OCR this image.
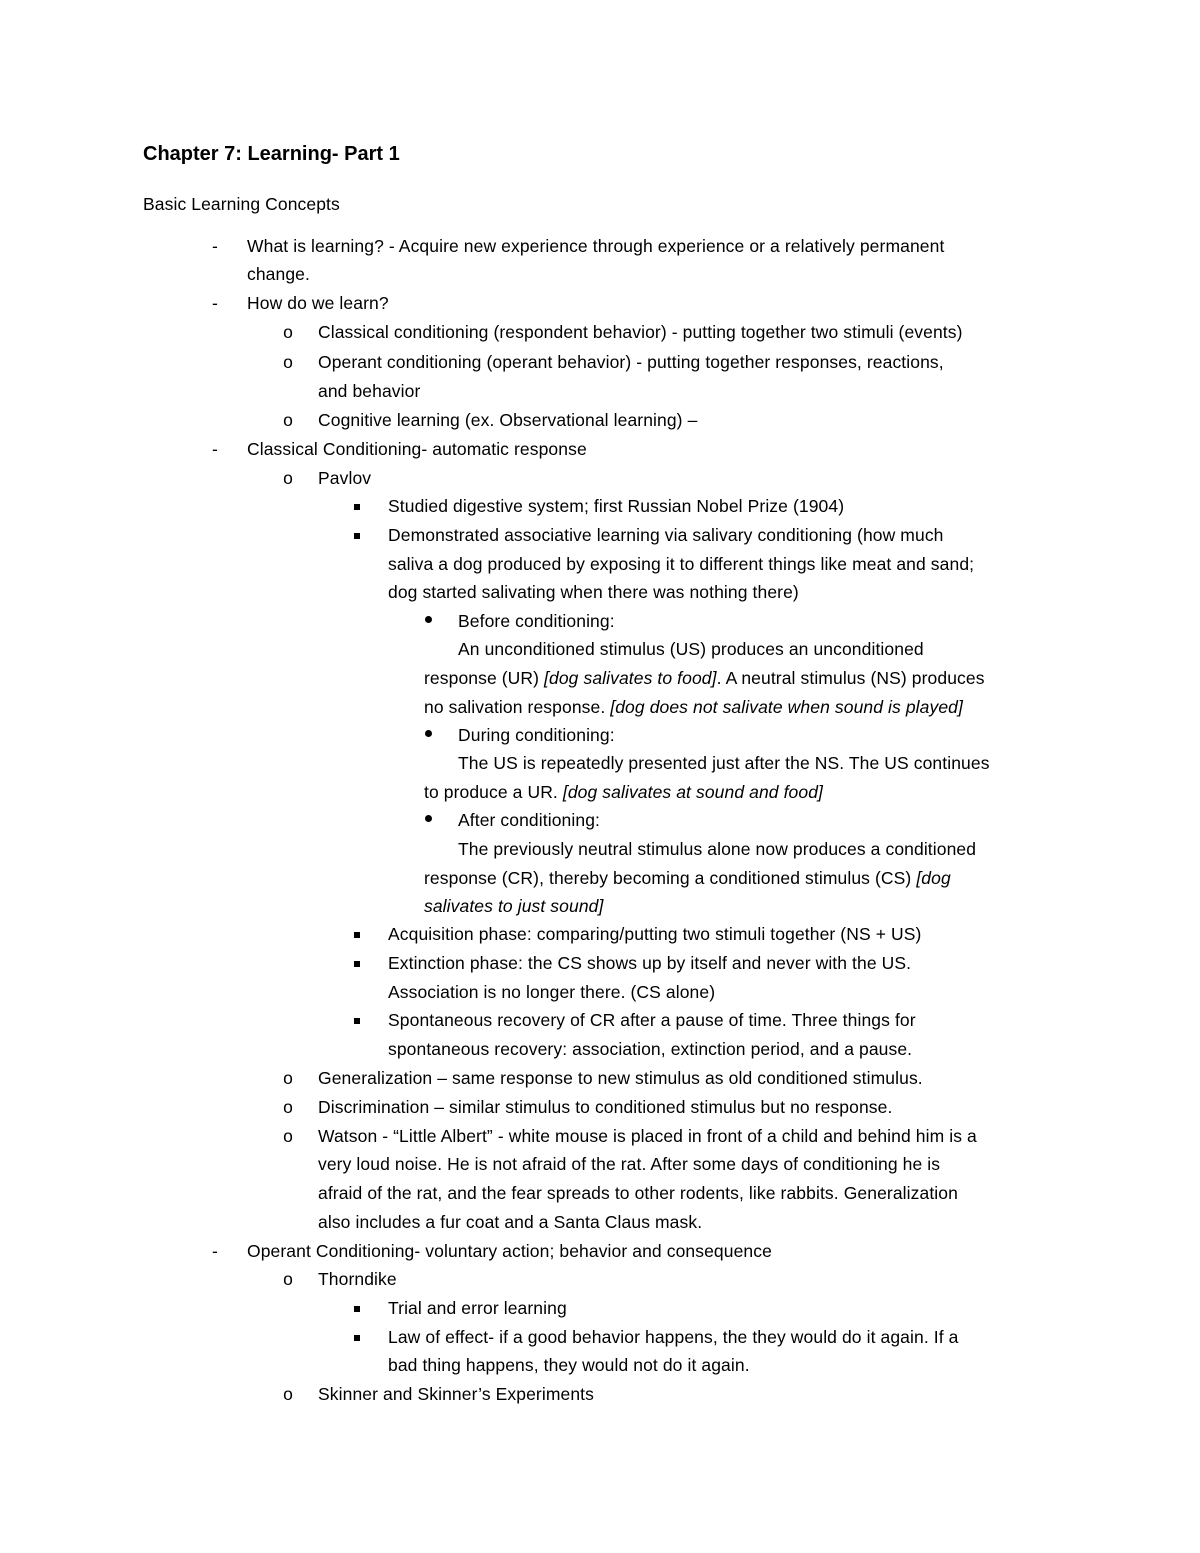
Chapter 7: Learning- Part 1
Basic Learning Concepts
- What is learning? - Acquire new experience through experience or a relatively permanent
change.
- How do we learn?
o Classical conditioning (respondent behavior) - putting together two stimuli (events)
o Operant conditioning (operant behavior) - putting together responses, reactions,
and behavior
o Cognitive learning (ex. Observational learning) –
- Classical Conditioning- automatic response
o Pavlov
Studied digestive system; first Russian Nobel Prize (1904)
Demonstrated associative learning via salivary conditioning (how much
saliva a dog produced by exposing it to different things like meat and sand;
dog started salivating when there was nothing there)
Before conditioning:
An unconditioned stimulus (US) produces an unconditioned
response (UR) [dog salivates to food]. A neutral stimulus (NS) produces
no salivation response. [dog does not salivate when sound is played]
During conditioning:
The US is repeatedly presented just after the NS. The US continues
to produce a UR. [dog salivates at sound and food]
After conditioning:
The previously neutral stimulus alone now produces a conditioned
response (CR), thereby becoming a conditioned stimulus (CS) [dog
salivates to just sound]
Acquisition phase: comparing/putting two stimuli together (NS + US)
Extinction phase: the CS shows up by itself and never with the US.
Association is no longer there. (CS alone)
Spontaneous recovery of CR after a pause of time. Three things for
spontaneous recovery: association, extinction period, and a pause.
o Generalization – same response to new stimulus as old conditioned stimulus.
o Discrimination – similar stimulus to conditioned stimulus but no response.
o Watson - “Little Albert” - white mouse is placed in front of a child and behind him is a
very loud noise. He is not afraid of the rat. After some days of conditioning he is
afraid of the rat, and the fear spreads to other rodents, like rabbits. Generalization
also includes a fur coat and a Santa Claus mask.
- Operant Conditioning- voluntary action; behavior and consequence
o Thorndike
Trial and error learning
Law of effect- if a good behavior happens, the they would do it again. If a
bad thing happens, they would not do it again.
o Skinner and Skinner’s Experiments
